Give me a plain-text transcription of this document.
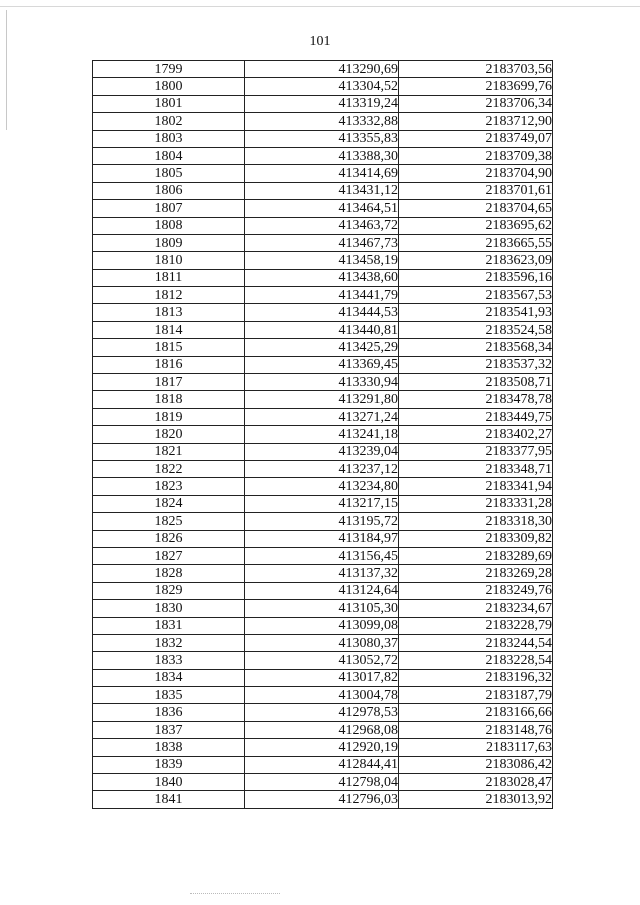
101
1799	413290,69	2183703,56
1800	413304,52	2183699,76
1801	413319,24	2183706,34
1802	413332,88	2183712,90
1803	413355,83	2183749,07
1804	413388,30	2183709,38
1805	413414,69	2183704,90
1806	413431,12	2183701,61
1807	413464,51	2183704,65
1808	413463,72	2183695,62
1809	413467,73	2183665,55
1810	413458,19	2183623,09
1811	413438,60	2183596,16
1812	413441,79	2183567,53
1813	413444,53	2183541,93
1814	413440,81	2183524,58
1815	413425,29	2183568,34
1816	413369,45	2183537,32
1817	413330,94	2183508,71
1818	413291,80	2183478,78
1819	413271,24	2183449,75
1820	413241,18	2183402,27
1821	413239,04	2183377,95
1822	413237,12	2183348,71
1823	413234,80	2183341,94
1824	413217,15	2183331,28
1825	413195,72	2183318,30
1826	413184,97	2183309,82
1827	413156,45	2183289,69
1828	413137,32	2183269,28
1829	413124,64	2183249,76
1830	413105,30	2183234,67
1831	413099,08	2183228,79
1832	413080,37	2183244,54
1833	413052,72	2183228,54
1834	413017,82	2183196,32
1835	413004,78	2183187,79
1836	412978,53	2183166,66
1837	412968,08	2183148,76
1838	412920,19	2183117,63
1839	412844,41	2183086,42
1840	412798,04	2183028,47
1841	412796,03	2183013,92
